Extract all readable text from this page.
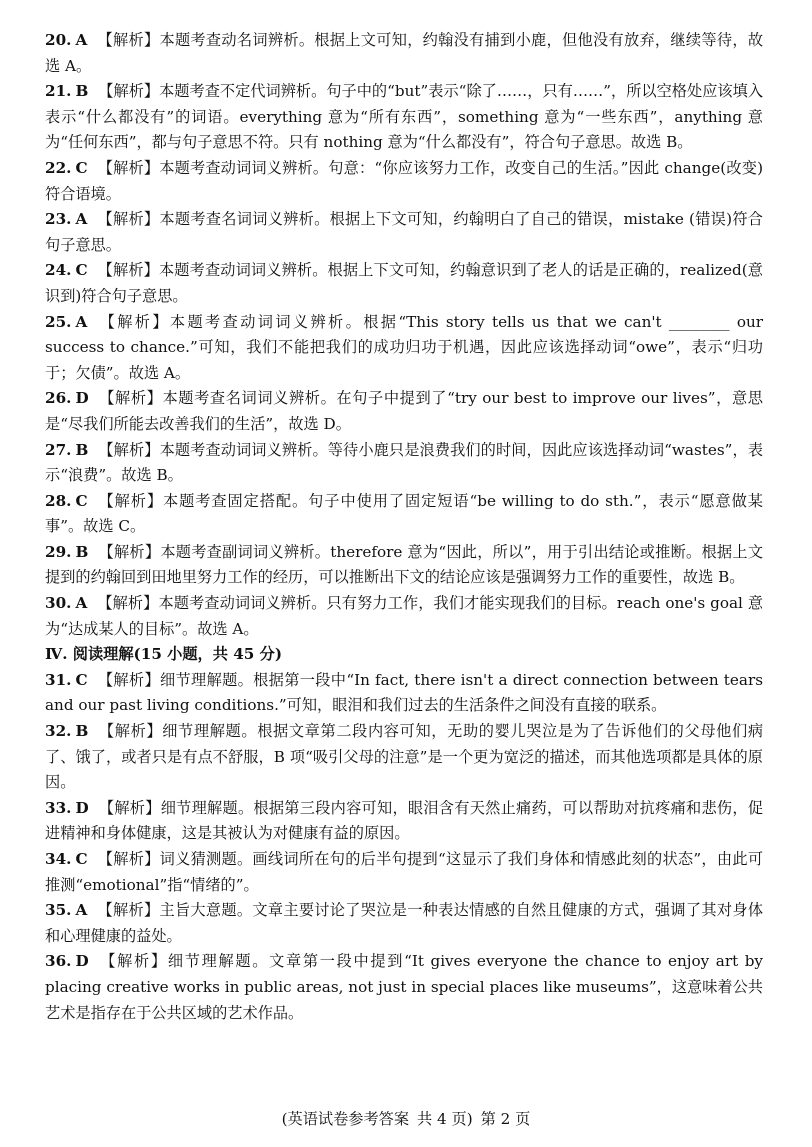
20. A 【解析】本题考查动名词辨析。根据上文可知，约翰没有捕到小鹿，但他没有放弃，继续等待，故选 A。

21. B 【解析】本题考查不定代词辨析。句子中的“but”表示“除了……，只有……”，所以空格处应该填入表示“什么都没有”的词语。everything 意为“所有东西”，something 意为“一些东西”，anything 意为“任何东西”，都与句子意思不符。只有 nothing 意为“什么都没有”，符合句子意思。故选 B。

22. C 【解析】本题考查动词词义辨析。句意：“你应该努力工作，改变自己的生活。”因此 change(改变)符合语境。

23. A 【解析】本题考查名词词义辨析。根据上下文可知，约翰明白了自己的错误，mistake (错误)符合句子意思。

24. C 【解析】本题考查动词词义辨析。根据上下文可知，约翰意识到了老人的话是正确的，realized(意识到)符合句子意思。

25. A 【解析】本题考查动词词义辨析。根据“This story tells us that we can't ________ our success to chance.”可知，我们不能把我们的成功归功于机遇，因此应该选择动词“owe”，表示“归功于；欠债”。故选 A。

26. D 【解析】本题考查名词词义辨析。在句子中提到了“try our best to improve our lives”，意思是“尽我们所能去改善我们的生活”，故选 D。

27. B 【解析】本题考查动词词义辨析。等待小鹿只是浪费我们的时间，因此应该选择动词“wastes”，表示“浪费”。故选 B。

28. C 【解析】本题考查固定搭配。句子中使用了固定短语“be willing to do sth.”，表示“愿意做某事”。故选 C。

29. B 【解析】本题考查副词词义辨析。therefore 意为“因此，所以”，用于引出结论或推断。根据上文提到的约翰回到田地里努力工作的经历，可以推断出下文的结论应该是强调努力工作的重要性，故选 B。

30. A 【解析】本题考查动词词义辨析。只有努力工作，我们才能实现我们的目标。reach one's goal 意为“达成某人的目标”。故选 A。

Ⅳ. 阅读理解(15 小题，共 45 分)

31. C 【解析】细节理解题。根据第一段中“In fact, there isn't a direct connection between tears and our past living conditions.”可知，眼泪和我们过去的生活条件之间没有直接的联系。

32. B 【解析】细节理解题。根据文章第二段内容可知，无助的婴儿哭泣是为了告诉他们的父母他们病了、饿了，或者只是有点不舒服，B 项“吸引父母的注意”是一个更为宽泛的描述，而其他选项都是具体的原因。

33. D 【解析】细节理解题。根据第三段内容可知，眼泪含有天然止痛药，可以帮助对抗疼痛和悲伤，促进精神和身体健康，这是其被认为对健康有益的原因。

34. C 【解析】词义猜测题。画线词所在句的后半句提到“这显示了我们身体和情感此刻的状态”，由此可推测“emotional”指“情绪的”。

35. A 【解析】主旨大意题。文章主要讨论了哭泣是一种表达情感的自然且健康的方式，强调了其对身体和心理健康的益处。

36. D 【解析】细节理解题。文章第一段中提到“It gives everyone the chance to enjoy art by placing creative works in public areas, not just in special places like museums”，这意味着公共艺术是指存在于公共区域的艺术作品。

(英语试卷参考答案 共 4 页) 第 2 页
